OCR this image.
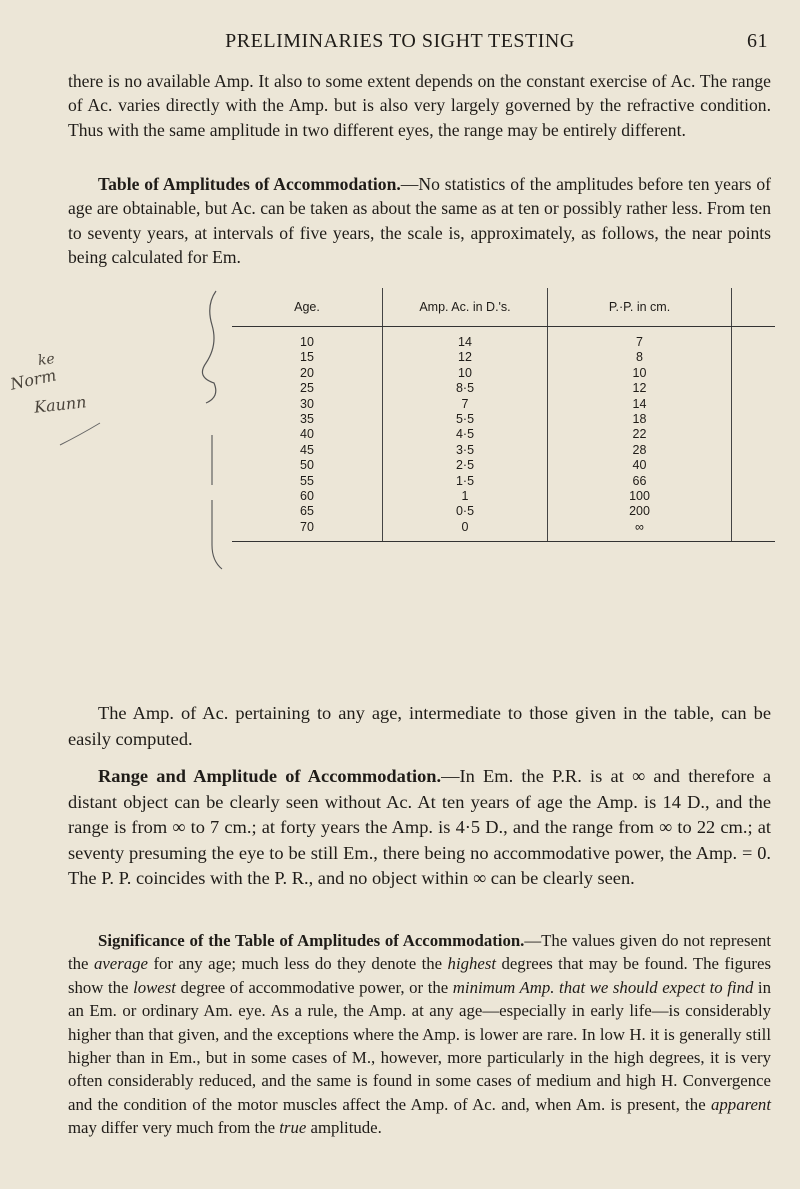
PRELIMINARIES TO SIGHT TESTING	61

there is no available Amp. It also to some extent depends on the constant exercise of Ac. The range of Ac. varies directly with the Amp. but is also very largely governed by the refractive condition. Thus with the same amplitude in two different eyes, the range may be entirely different.

Table of Amplitudes of Accommodation.—No statistics of the amplitudes before ten years of age are obtainable, but Ac. can be taken as about the same as at ten or possibly rather less. From ten to seventy years, at intervals of five years, the scale is, approximately, as follows, the near points being calculated for Em.

Norm
ke
Kaunn
Age.	Amp. Ac. in D.'s.	P.·P. in cm.	
10	14	7	
15	12	8	
20	10	10	
25	8·5	12	
30	7	14	
35	5·5	18	
40	4·5	22	
45	3·5	28	
50	2·5	40	
55	1·5	66	
60	1	100	
65	0·5	200	
70	0	∞	

The Amp. of Ac. pertaining to any age, intermediate to those given in the table, can be easily computed.

Range and Amplitude of Accommodation.—In Em. the P.R. is at ∞ and therefore a distant object can be clearly seen without Ac. At ten years of age the Amp. is 14 D., and the range is from ∞ to 7 cm.; at forty years the Amp. is 4·5 D., and the range from ∞ to 22 cm.; at seventy presuming the eye to be still Em., there being no accommodative power, the Amp. = 0. The P. P. coincides with the P. R., and no object within ∞ can be clearly seen.

Significance of the Table of Amplitudes of Accommodation.—The values given do not represent the average for any age; much less do they denote the highest degrees that may be found. The figures show the lowest degree of accommodative power, or the minimum Amp. that we should expect to find in an Em. or ordinary Am. eye. As a rule, the Amp. at any age—especially in early life—is considerably higher than that given, and the exceptions where the Amp. is lower are rare. In low H. it is generally still higher than in Em., but in some cases of M., however, more particularly in the high degrees, it is very often considerably reduced, and the same is found in some cases of medium and high H. Convergence and the condition of the motor muscles affect the Amp. of Ac. and, when Am. is present, the apparent may differ very much from the true amplitude.
